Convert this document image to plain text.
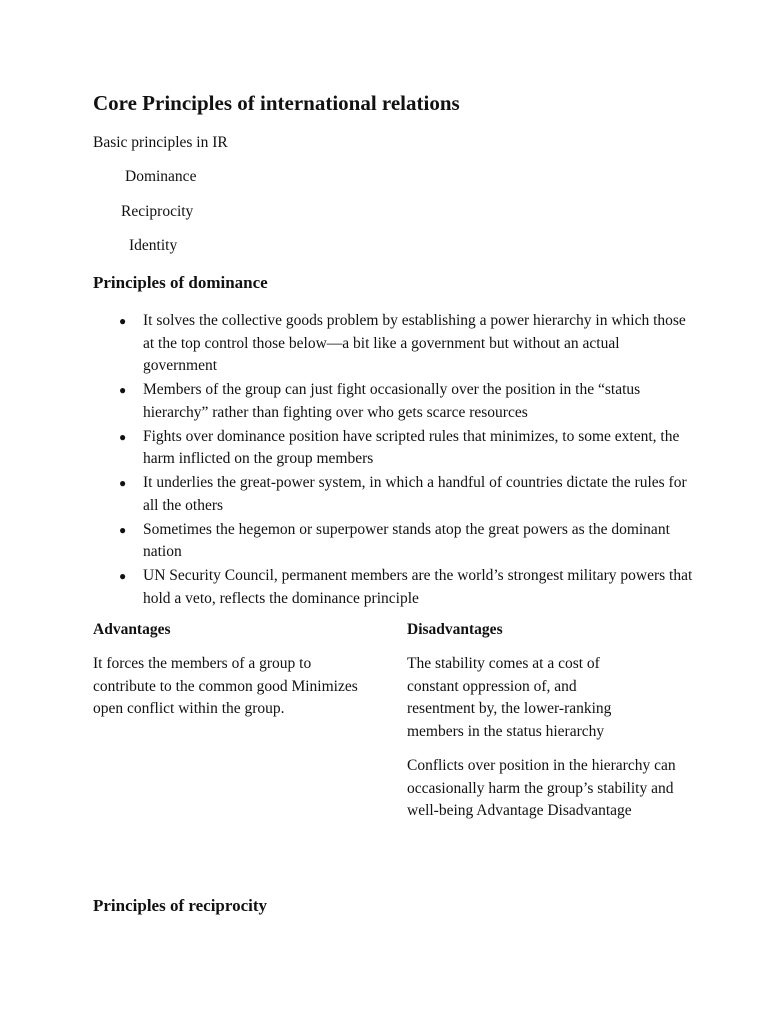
Core Principles of international relations

Basic principles in IR

Dominance

Reciprocity

Identity

Principles of dominance
● It solves the collective goods problem by establishing a power hierarchy in which those at the top control those below—a bit like a government but without an actual government
● Members of the group can just fight occasionally over the position in the “status hierarchy” rather than fighting over who gets scarce resources
● Fights over dominance position have scripted rules that minimizes, to some extent, the harm inflicted on the group members
● It underlies the great-power system, in which a handful of countries dictate the rules for all the others
● Sometimes the hegemon or superpower stands atop the great powers as the dominant nation
● UN Security Council, permanent members are the world’s strongest military powers that hold a veto, reflects the dominance principle

Advantages

It forces the members of a group to contribute to the common good Minimizes open conflict within the group.

Disadvantages

The stability comes at a cost of constant oppression of, and resentment by, the lower-ranking members in the status hierarchy

Conflicts over position in the hierarchy can occasionally harm the group’s stability and well-being Advantage Disadvantage

Principles of reciprocity
